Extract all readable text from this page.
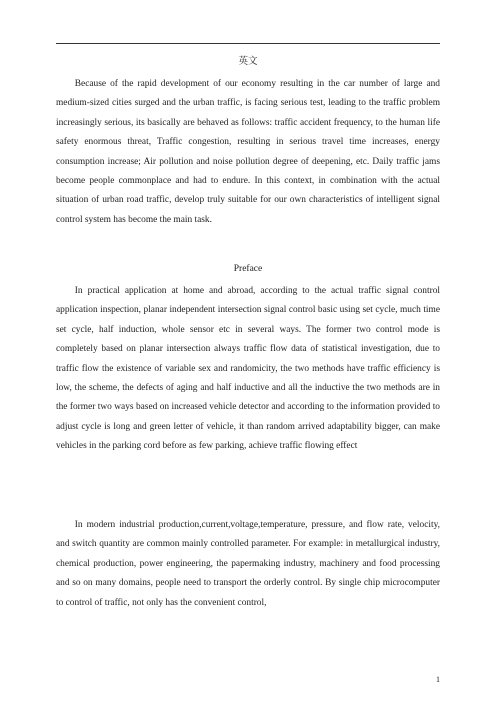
英文

Because of the rapid development of our economy resulting in the car number of large and medium-sized cities surged and the urban traffic, is facing serious test, leading to the traffic problem increasingly serious, its basically are behaved as follows: traffic accident frequency, to the human life safety enormous threat, Traffic congestion, resulting in serious travel time increases, energy consumption increase; Air pollution and noise pollution degree of deepening, etc. Daily traffic jams become people commonplace and had to endure. In this context, in combination with the actual situation of urban road traffic, develop truly suitable for our own characteristics of intelligent signal control system has become the main task.

Preface

In practical application at home and abroad, according to the actual traffic signal control application inspection, planar independent intersection signal control basic using set cycle, much time set cycle, half induction, whole sensor etc in several ways. The former two control mode is completely based on planar intersection always traffic flow data of statistical investigation, due to traffic flow the existence of variable sex and randomicity, the two methods have traffic efficiency is low, the scheme, the defects of aging and half inductive and all the inductive the two methods are in the former two ways based on increased vehicle detector and according to the information provided to adjust cycle is long and green letter of vehicle, it than random arrived adaptability bigger, can make vehicles in the parking cord before as few parking, achieve traffic flowing effect

In modern industrial production,current,voltage,temperature, pressure, and flow rate, velocity, and switch quantity are common mainly controlled parameter. For example: in metallurgical industry, chemical production, power engineering, the papermaking industry, machinery and food processing and so on many domains, people need to transport the orderly control. By single chip microcomputer to control of traffic, not only has the convenient control,

1
